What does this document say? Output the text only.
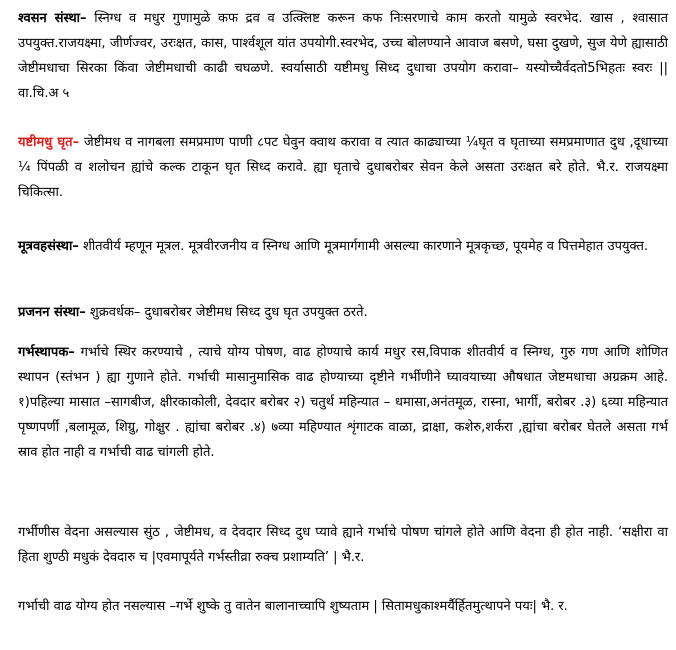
श्वसन संस्था– स्निग्ध व मधुर गुणामुळे कफ द्रव व उत्क्लिष्ट करून कफ निःसरणाचे काम करतो यामुळे स्वरभेद. खास , श्वासात उपयुक्त.राजयक्ष्मा, जीर्णज्वर, उरःक्षत, कास, पार्श्वशूल यांत उपयोगी.स्वरभेद, उच्च बोलण्याने आवाज बसणे, घसा दुखणे, सुज येणे ह्यासाठी जेष्टीमधाचा सिरका किंवा जेष्टीमधाची काढी चघळणे. स्वर्यासाठी यष्टीमधु सिध्द दुधाचा उपयोग करावा– यस्योच्चैर्वदतो5भिहतः स्वरः || वा.चि.अ ५

यष्टीमधु घृत– जेष्टीमध व नागबला समप्रमाण पाणी ८पट घेवुन क्वाथ करावा व त्यात काढ्याच्या ¼घृत व घृताच्या समप्रमाणात दुध ,दूधाच्या ¼ पिंपळी व शलोचन ह्यांचे कल्क टाकून घृत सिध्द करावे. ह्या घृताचे दुधाबरोबर सेवन केले असता उरःक्षत बरे होते. भै.र. राजयक्ष्मा चिकित्सा.

मूत्रवहसंस्था– शीतवीर्य म्हणून मूत्रल. मूत्रवीरजनीय व स्निग्ध आणि मूत्रमार्गगामी असल्या कारणाने मूत्रकृच्छ, पूयमेह व पित्तमेहात उपयुक्त.

प्रजनन संस्था– शुक्रवर्धक– दुधाबरोबर जेष्टीमध सिध्द दुध घृत उपयुक्त ठरते.

गर्भस्थापक– गर्भाचे स्थिर करण्याचे , त्याचे योग्य पोषण, वाढ होण्याचे कार्य मधुर रस,विपाक शीतवीर्य व स्निग्ध, गुरु गण आणि शोणित स्थापन (स्तंभन ) ह्या गुणाने होते. गर्भाची मासानुमासिक वाढ होण्याच्या दृष्टीने गर्भीणीने घ्यावयाच्या औषधात जेष्टमधाचा अग्रक्रम आहे. १)पहिल्या मासात –सागबीज, क्षीरकाकोली, देवदार बरोबर २) चतुर्थ महिन्यात – धमासा,अनंतमूळ, रास्ना, भार्गी, बरोबर .३) ६व्या महिन्यात पृष्णपर्णी ,बलामूळ, शिग्रु, गोक्षुर . ह्यांचा बरोबर .४) ७व्या महिण्यात शृंगाटक वाळा, द्राक्षा, कशेरु,शर्करा ,ह्यांचा बरोबर घेतले असता गर्भ स्राव होत नाही व गर्भाची वाढ चांगली होते.

गर्भीणीस वेदना असल्यास सुंठ , जेष्टीमध, व देवदार सिध्द दुध प्यावे ह्याने गर्भाचे पोषण चांगले होते आणि वेदना ही होत नाही. ‘सक्षीरा वा हिता शुण्ठी मधुकं देवदारु च |एवमापूर्यते गर्भस्तीव्रा रुक्च प्रशाम्यति’ | भै.र.

गर्भाची वाढ योग्य होत नसल्यास –गर्भे शुष्के तु वातेन बालानाच्चापि शुष्यताम | सितामधुकाश्मर्यैर्हितमुत्थापने पयः| भै. र.
